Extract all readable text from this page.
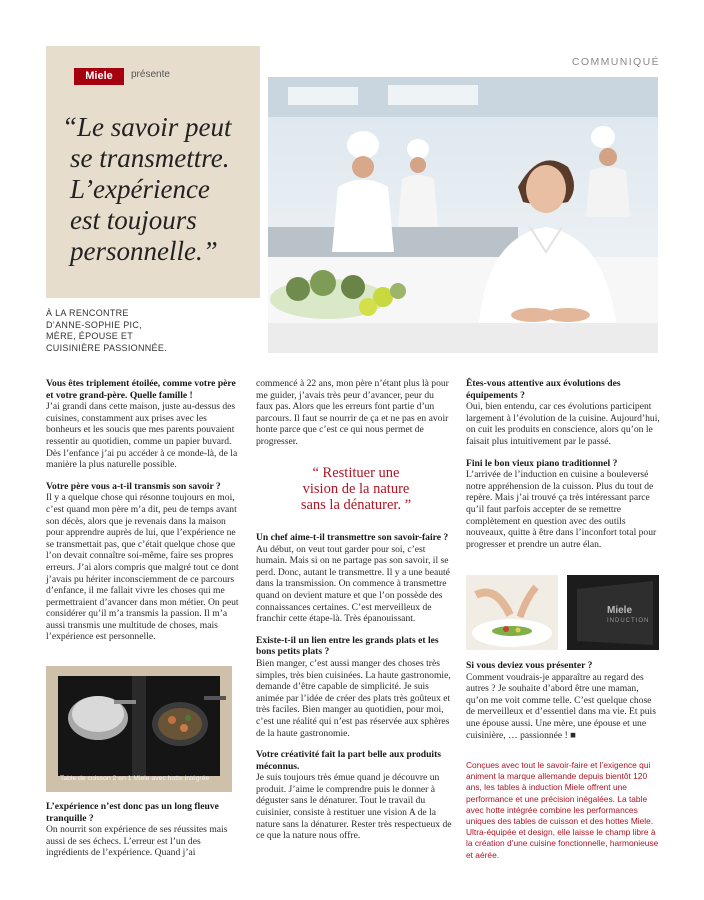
COMMUNIQUÉ
Miele	présente
“Le savoir peut
se transmettre.
L’expérience
est toujours
personnelle.”
À LA RENCONTRE
D’ANNE-SOPHIE PIC,
MÈRE, ÉPOUSE ET
CUISINIÈRE PASSIONNÉE.
Vous êtes triplement étoilée, comme votre père et votre grand-père. Quelle famille !
J’ai grandi dans cette maison, juste au-dessus des cuisines, constamment aux prises avec les bonheurs et les soucis que mes parents pouvaient ressentir au quotidien, comme un papier buvard. Dès l’enfance j’ai pu accéder à ce monde-là, de la manière la plus naturelle possible.
Votre père vous a-t-il transmis son savoir ?
Il y a quelque chose qui résonne toujours en moi, c’est quand mon père m’a dit, peu de temps avant son décès, alors que je revenais dans la maison pour apprendre auprès de lui, que l’expérience ne se transmettait pas, que c’était quelque chose que l’on devait connaître soi-même, faire ses propres erreurs. J’ai alors compris que malgré tout ce dont j’avais pu hériter inconsciemment de ce parcours d’enfance, il me fallait vivre les choses qui me permettraient d’avancer dans mon métier. On peut considérer qu’il m’a transmis la passion. Il m’a aussi transmis une multitude de choses, mais l’expérience est personnelle.
Table de cuisson 2 en 1 Miele avec hotte intégrée
L’expérience n’est donc pas un long fleuve tranquille ?
On nourrit son expérience de ses réussites mais aussi de ses échecs. L’erreur est l’un des ingrédients de l’expérience. Quand j’ai
commencé à 22 ans, mon père n’étant plus là pour me guider, j’avais très peur d’avancer, peur du faux pas. Alors que les erreurs font partie d’un parcours. Il faut se nourrir de ça et ne pas en avoir honte parce que c’est ce qui nous permet de progresser.
“ Restituer une
vision de la nature
sans la dénaturer. ”
Un chef aime-t-il transmettre son savoir-faire ?
Au début, on veut tout garder pour soi, c’est humain. Mais si on ne partage pas son savoir, il se perd. Donc, autant le transmettre. Il y a une beauté dans la transmission. On commence à transmettre quand on devient mature et que l’on possède des connaissances certaines. C’est merveilleux de franchir cette étape-là. Très épanouissant.
Existe-t-il un lien entre les grands plats et les bons petits plats ?
Bien manger, c’est aussi manger des choses très simples, très bien cuisinées. La haute gastronomie, demande d’être capable de simplicité. Je suis animée par l’idée de créer des plats très goûteux et très faciles. Bien manger au quotidien, pour moi, c’est une réalité qui n’est pas réservée aux sphères de la haute gastronomie.
Votre créativité fait la part belle aux produits méconnus.
Je suis toujours très émue quand je découvre un produit. J’aime le comprendre puis le donner à déguster sans le dénaturer. Tout le travail du cuisinier, consiste à restituer une vision A de la nature sans la dénaturer. Rester très respectueux de ce que la nature nous offre.
Êtes-vous attentive aux évolutions des équipements ?
Oui, bien entendu, car ces évolutions participent largement à l’évolution de la cuisine. Aujourd’hui, on cuit les produits en conscience, alors qu’on le faisait plus intuitivement par le passé.
Fini le bon vieux piano traditionnel ?
L’arrivée de l’induction en cuisine a bouleversé notre appréhension de la cuisson. Plus du tout de repère. Mais j’ai trouvé ça très intéressant parce qu’il faut parfois accepter de se remettre complètement en question avec des outils nouveaux, quitte à être dans l’inconfort total pour progresser et prendre un autre élan.
Miele
INDUCTION
Si vous deviez vous présenter ?
Comment voudrais-je apparaître au regard des autres ? Je souhaite d’abord être une maman, qu’on me voit comme telle. C’est quelque chose de merveilleux et d’essentiel dans ma vie. Et puis une épouse aussi. Une mère, une épouse et une cuisinière, … passionnée ! ■
Conçues avec tout le savoir-faire et l’exigence qui animent la marque allemande depuis bientôt 120 ans, les tables à induction Miele offrent une performance et une précision inégalées. La table avec hotte intégrée combine les performances uniques des tables de cuisson et des hottes Miele. Ultra-équipée et design, elle laisse le champ libre à la création d’une cuisine fonctionnelle, harmonieuse et aérée.
